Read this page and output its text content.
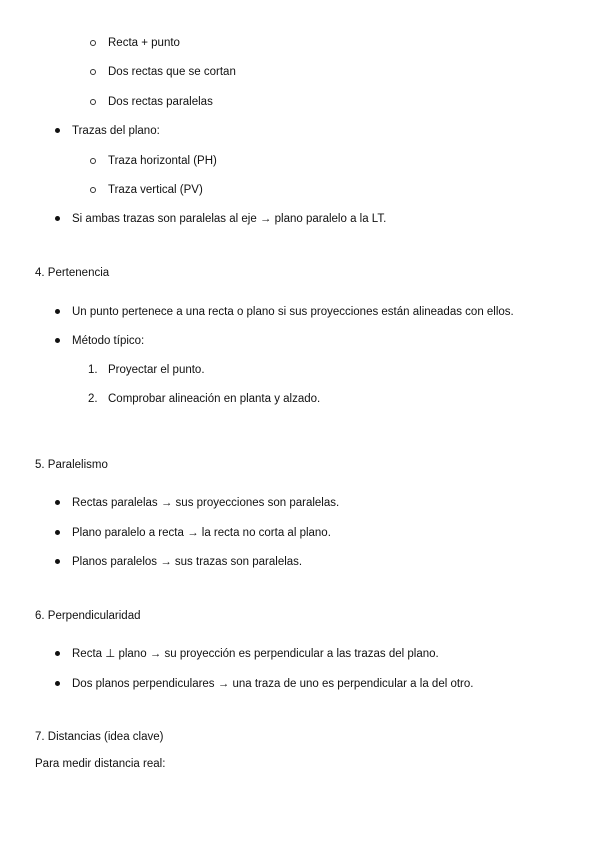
Recta + punto
Dos rectas que se cortan
Dos rectas paralelas
Trazas del plano:
Traza horizontal (PH)
Traza vertical (PV)
Si ambas trazas son paralelas al eje → plano paralelo a la LT.
4. Pertenencia
Un punto pertenece a una recta o plano si sus proyecciones están alineadas con ellos.
Método típico:
1. Proyectar el punto.
2. Comprobar alineación en planta y alzado.
5. Paralelismo
Rectas paralelas → sus proyecciones son paralelas.
Plano paralelo a recta → la recta no corta al plano.
Planos paralelos → sus trazas son paralelas.
6. Perpendicularidad
Recta ⊥ plano → su proyección es perpendicular a las trazas del plano.
Dos planos perpendiculares → una traza de uno es perpendicular a la del otro.
7. Distancias (idea clave)
Para medir distancia real:
